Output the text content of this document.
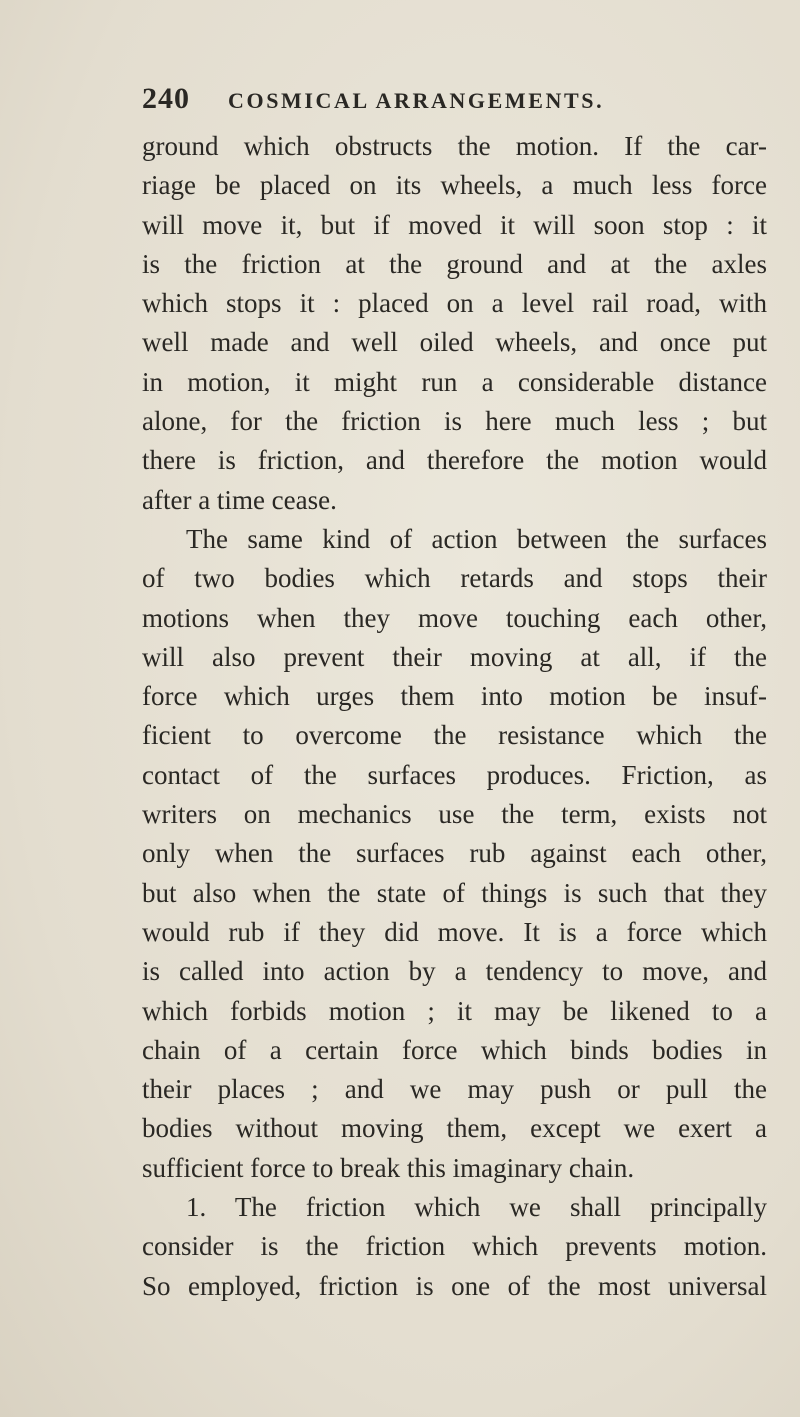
240 COSMICAL ARRANGEMENTS.
ground which obstructs the motion. If the car-
riage be placed on its wheels, a much less force
will move it, but if moved it will soon stop : it
is the friction at the ground and at the axles
which stops it : placed on a level rail road, with
well made and well oiled wheels, and once put
in motion, it might run a considerable distance
alone, for the friction is here much less ; but
there is friction, and therefore the motion would
after a time cease.
The same kind of action between the surfaces
of two bodies which retards and stops their
motions when they move touching each other,
will also prevent their moving at all, if the
force which urges them into motion be insuf-
ficient to overcome the resistance which the
contact of the surfaces produces. Friction, as
writers on mechanics use the term, exists not
only when the surfaces rub against each other,
but also when the state of things is such that they
would rub if they did move. It is a force which
is called into action by a tendency to move, and
which forbids motion ; it may be likened to a
chain of a certain force which binds bodies in
their places ; and we may push or pull the
bodies without moving them, except we exert a
sufficient force to break this imaginary chain.
1. The friction which we shall principally
consider is the friction which prevents motion.
So employed, friction is one of the most universal
